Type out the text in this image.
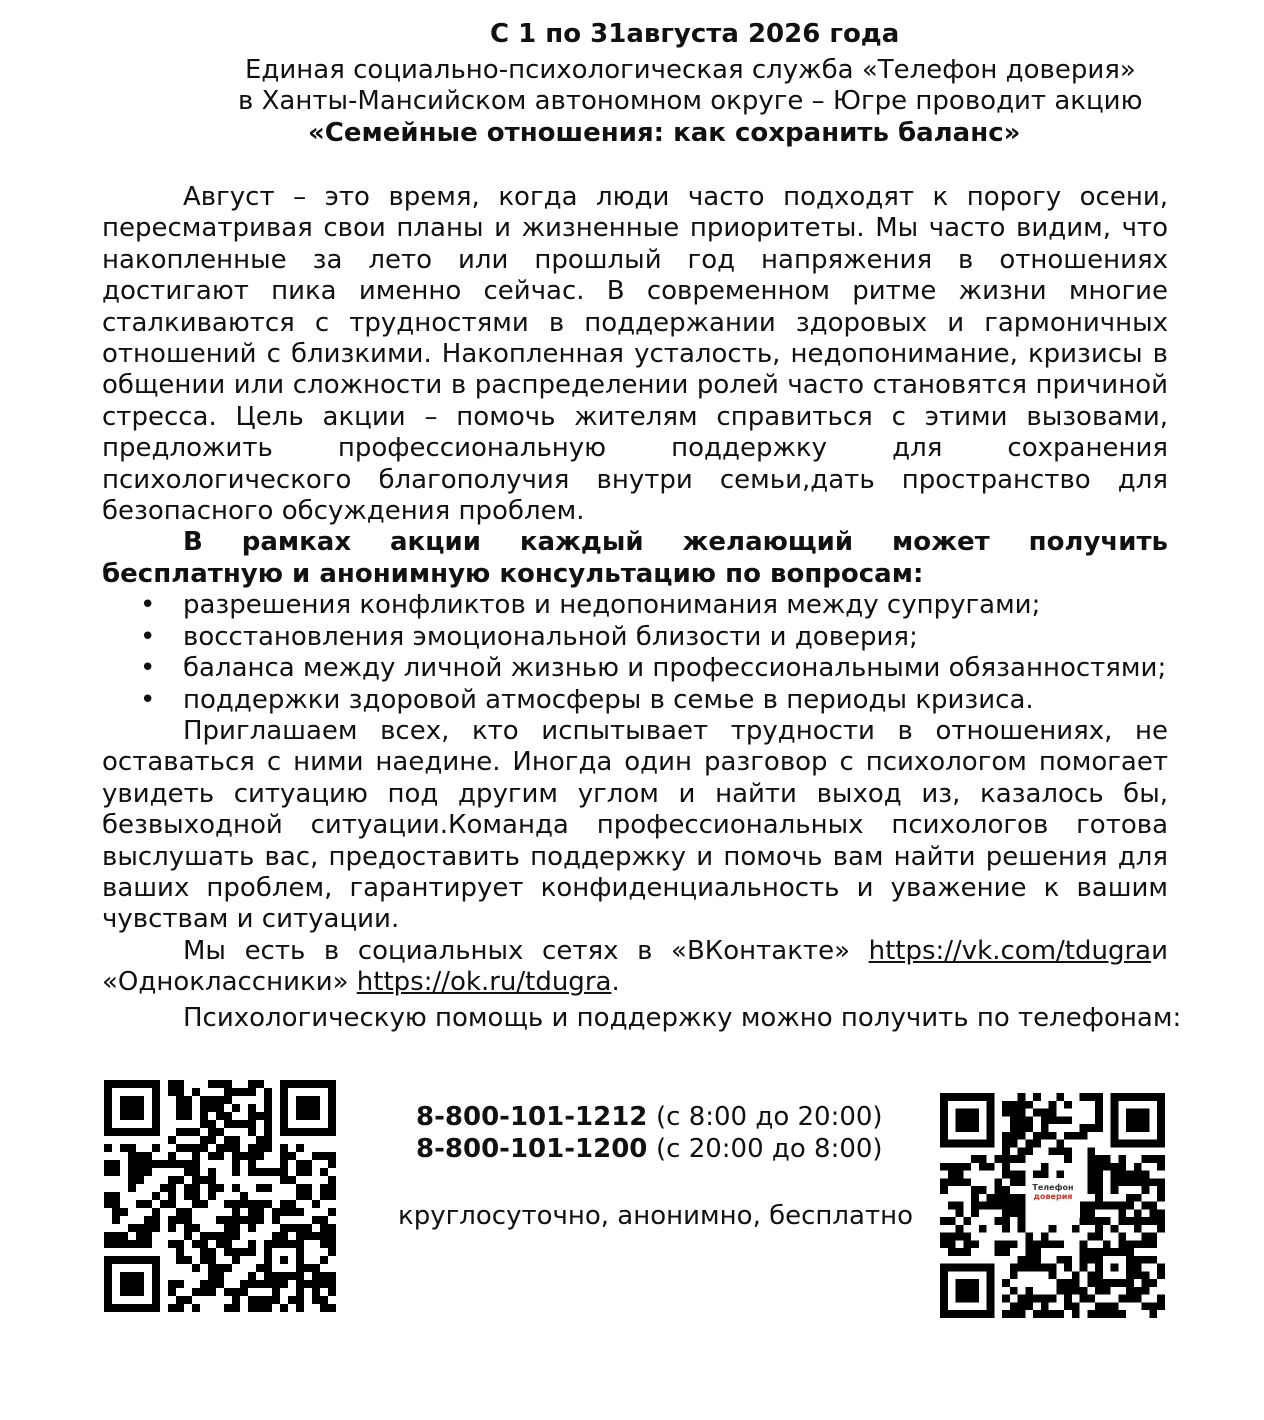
С 1 по 31августа 2026 года
Единая социально-психологическая служба «Телефон доверия»
в Ханты-Мансийском автономном округе – Югре проводит акцию
«Семейные отношения: как сохранить баланс»

Август – это время, когда люди часто подходят к порогу осени, пересматривая свои планы и жизненные приоритеты. Мы часто видим, что накопленные за лето или прошлый год напряжения в отношениях достигают пика именно сейчас. В современном ритме жизни многие сталкиваются с трудностями в поддержании здоровых и гармоничных отношений с близкими. Накопленная усталость, недопонимание, кризисы в общении или сложности в распределении ролей часто становятся причиной стресса. Цель акции – помочь жителям справиться с этими вызовами, предложить профессиональную поддержку для сохранения психологического благополучия внутри семьи,дать пространство для безопасного обсуждения проблем.

В рамках акции каждый желающий может получить бесплатную и анонимную консультацию по вопросам:

• разрешения конфликтов и недопонимания между супругами;
• восстановления эмоциональной близости и доверия;
• баланса между личной жизнью и профессиональными обязанностями;
• поддержки здоровой атмосферы в семье в периоды кризиса.

Приглашаем всех, кто испытывает трудности в отношениях, не оставаться с ними наедине. Иногда один разговор с психологом помогает увидеть ситуацию под другим углом и найти выход из, казалось бы, безвыходной ситуации.Команда профессиональных психологов готова выслушать вас, предоставить поддержку и помочь вам найти решения для ваших проблем, гарантирует конфиденциальность и уважение к вашим чувствам и ситуации.

Мы есть в социальных сетях в «ВКонтакте» https://vk.com/tdugraи «Одноклассники» https://ok.ru/tdugra.

Психологическую помощь и поддержку можно получить по телефонам:
8-800-101-1212 (с 8:00 до 20:00)
8-800-101-1200 (с 20:00 до 8:00)
круглосуточно, анонимно, бесплатно
Телефон
доверия
